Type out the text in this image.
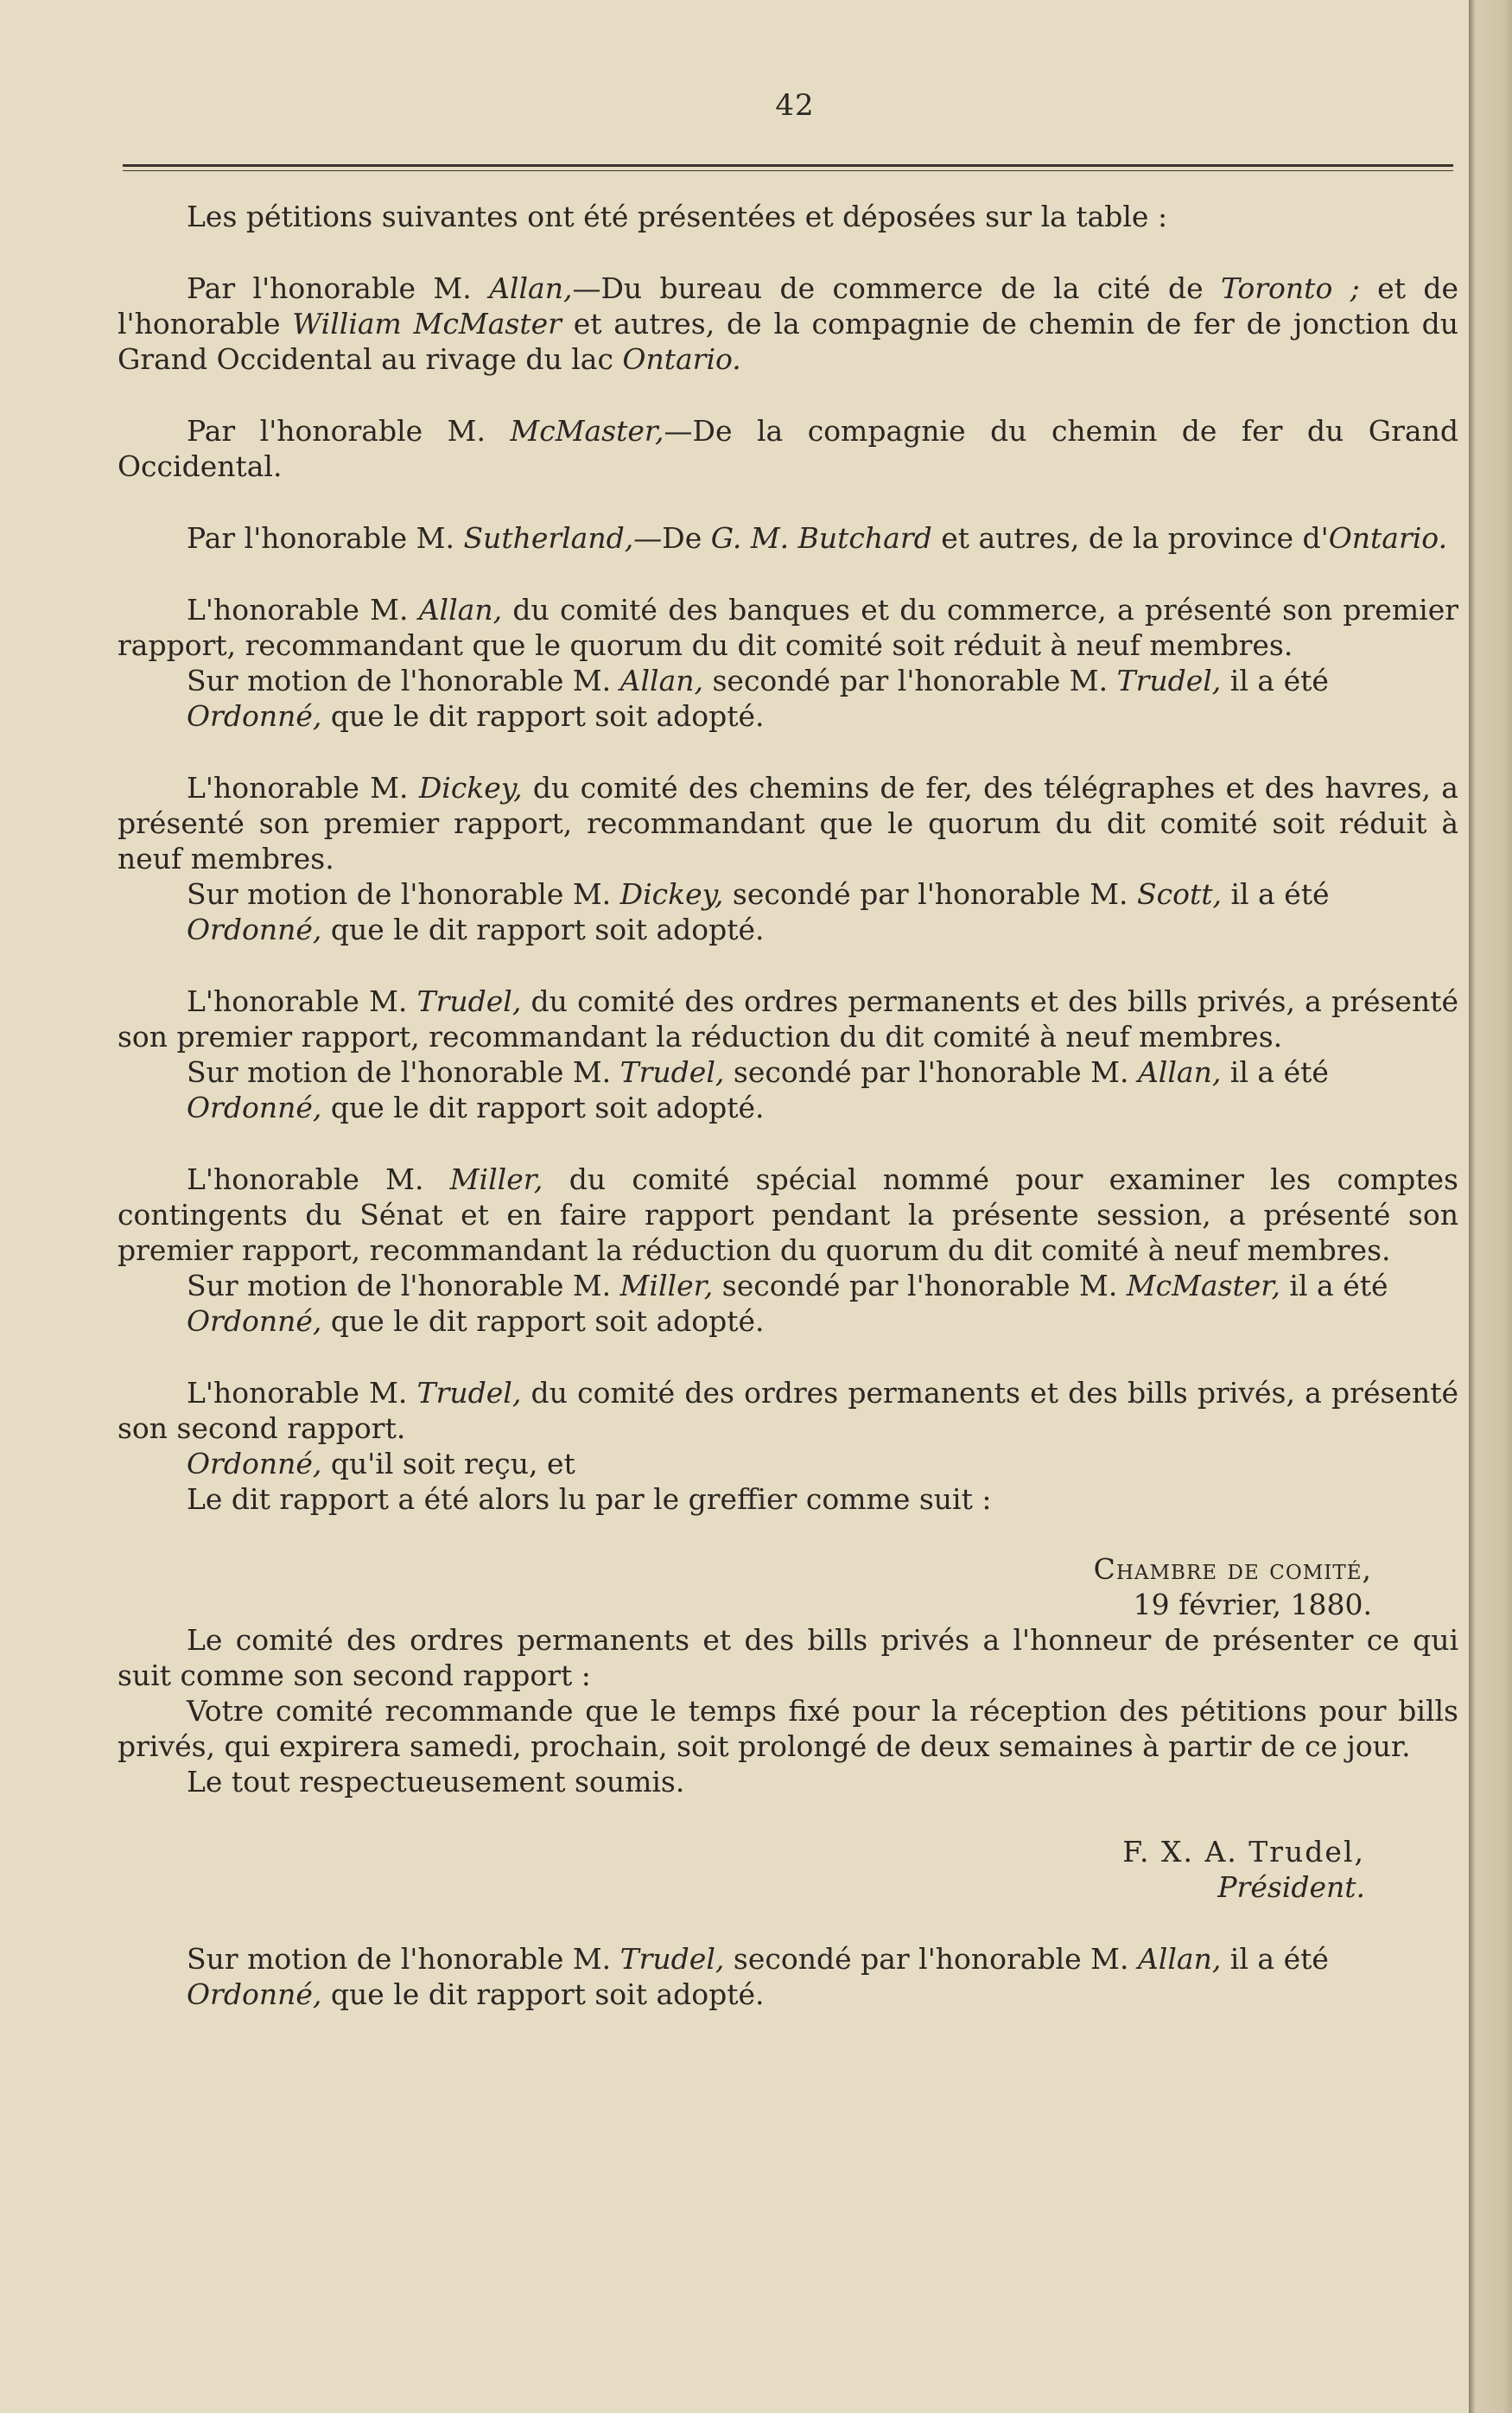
42

Les pétitions suivantes ont été présentées et déposées sur la table :

Par l'honorable M. Allan,—Du bureau de commerce de la cité de Toronto ; et de l'honorable William McMaster et autres, de la compagnie de chemin de fer de jonction du Grand Occidental au rivage du lac Ontario.

Par l'honorable M. McMaster,—De la compagnie du chemin de fer du Grand Occidental.

Par l'honorable M. Sutherland,—De G. M. Butchard et autres, de la province d'Ontario.

L'honorable M. Allan, du comité des banques et du commerce, a présenté son premier rapport, recommandant que le quorum du dit comité soit réduit à neuf membres.

Sur motion de l'honorable M. Allan, secondé par l'honorable M. Trudel, il a été

Ordonné, que le dit rapport soit adopté.

L'honorable M. Dickey, du comité des chemins de fer, des télégraphes et des havres, a présenté son premier rapport, recommandant que le quorum du dit comité soit réduit à neuf membres.

Sur motion de l'honorable M. Dickey, secondé par l'honorable M. Scott, il a été

Ordonné, que le dit rapport soit adopté.

L'honorable M. Trudel, du comité des ordres permanents et des bills privés, a présenté son premier rapport, recommandant la réduction du dit comité à neuf membres.

Sur motion de l'honorable M. Trudel, secondé par l'honorable M. Allan, il a été

Ordonné, que le dit rapport soit adopté.

L'honorable M. Miller, du comité spécial nommé pour examiner les comptes contingents du Sénat et en faire rapport pendant la présente session, a présenté son premier rapport, recommandant la réduction du quorum du dit comité à neuf membres.

Sur motion de l'honorable M. Miller, secondé par l'honorable M. McMaster, il a été

Ordonné, que le dit rapport soit adopté.

L'honorable M. Trudel, du comité des ordres permanents et des bills privés, a présenté son second rapport.

Ordonné, qu'il soit reçu, et

Le dit rapport a été alors lu par le greffier comme suit :

Chambre de comité,
19 février, 1880.

Le comité des ordres permanents et des bills privés a l'honneur de présenter ce qui suit comme son second rapport :

Votre comité recommande que le temps fixé pour la réception des pétitions pour bills privés, qui expirera samedi, prochain, soit prolongé de deux semaines à partir de ce jour.

Le tout respectueusement soumis.

F. X. A. Trudel,
Président.

Sur motion de l'honorable M. Trudel, secondé par l'honorable M. Allan, il a été

Ordonné, que le dit rapport soit adopté.
